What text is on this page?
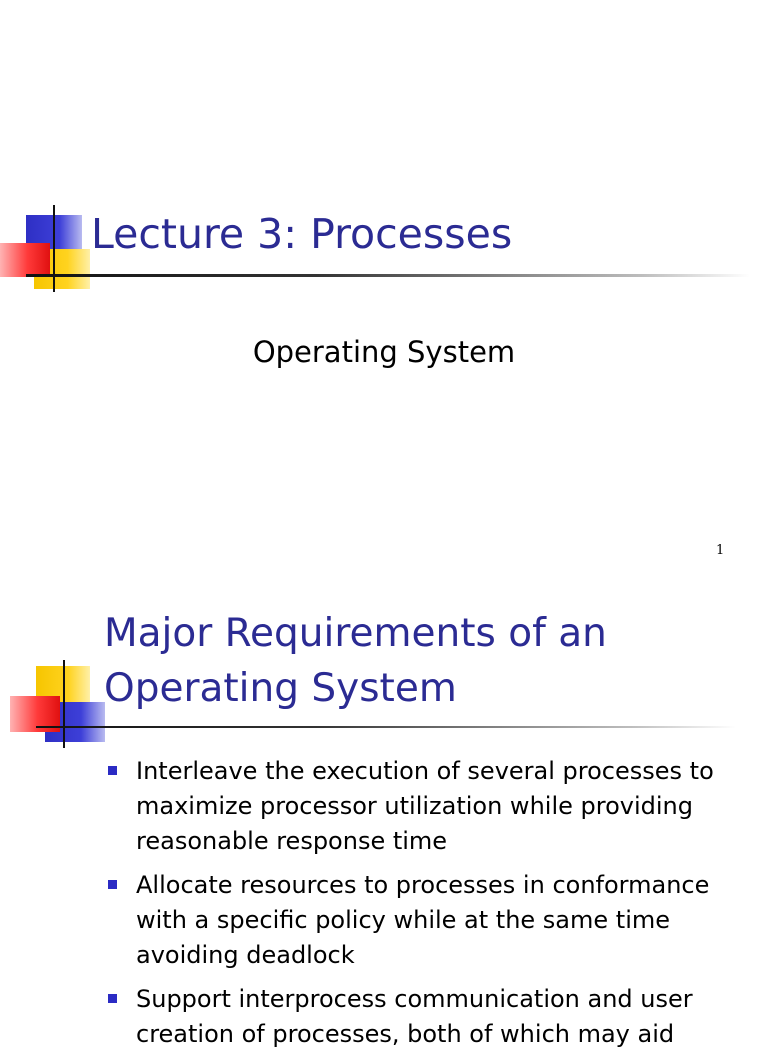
Lecture 3: Processes
Operating System
1
Major Requirements of an
Operating System
Interleave the execution of several processes to maximize processor utilization while providing reasonable response time
Allocate resources to processes in conformance with a specific policy while at the same time avoiding deadlock
Support interprocess communication and user creation of processes, both of which may aid
